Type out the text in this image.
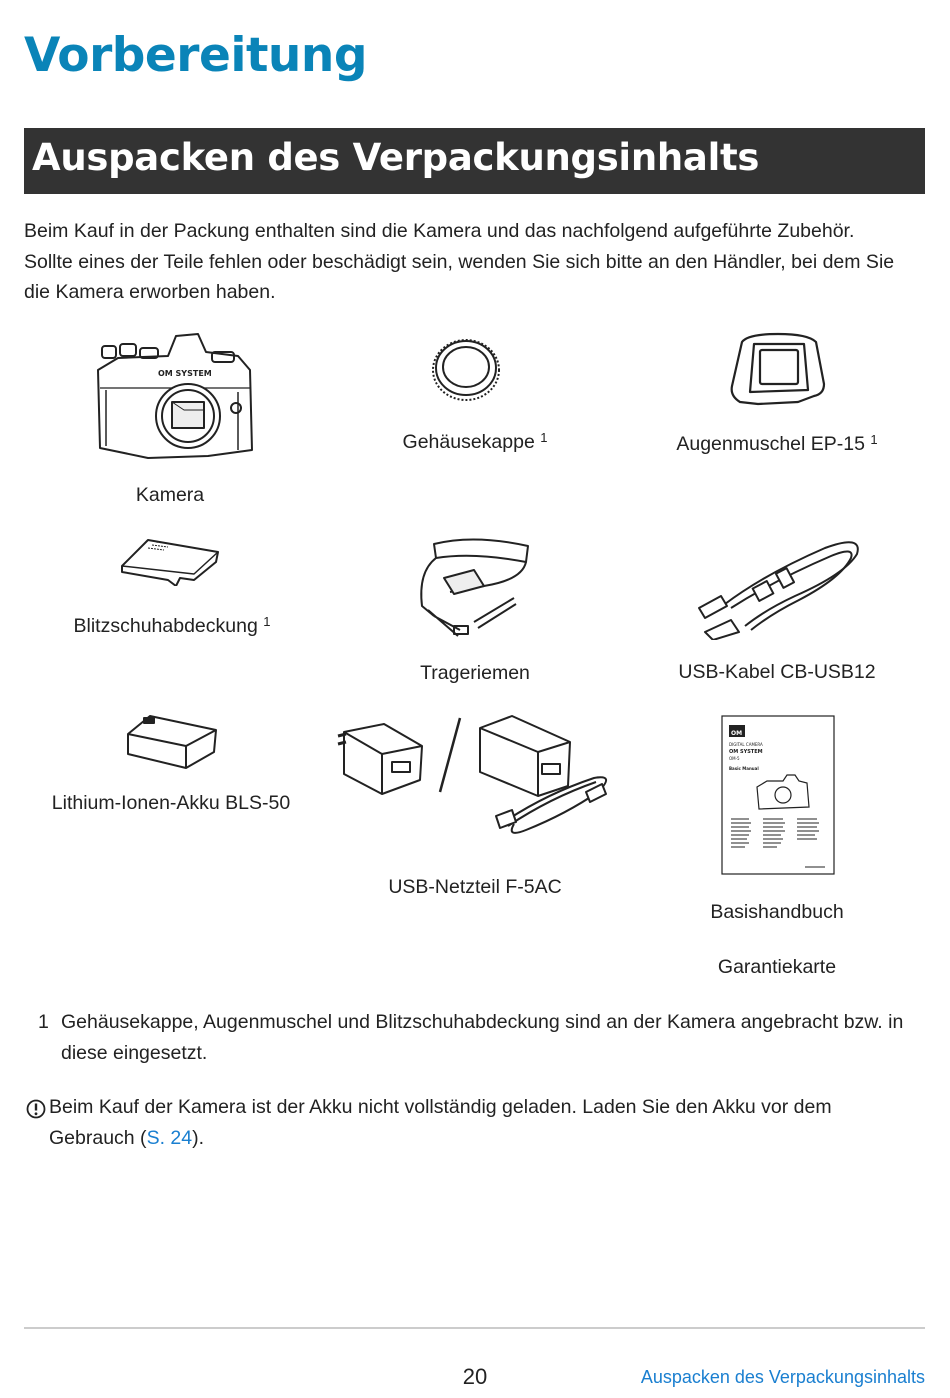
Vorbereitung
Auspacken des Verpackungsinhalts

Beim Kauf in der Packung enthalten sind die Kamera und das nachfolgend aufgeführte Zubehör.

Sollte eines der Teile fehlen oder beschädigt sein, wenden Sie sich bitte an den Händler, bei dem Sie

die Kamera erworben haben.

OM SYSTEM
Kamera
Gehäusekappe $^1$	Augenmuschel EP-15 $^1$
Blitzschuhabdeckung $^1$
Trageriemen	USB-Kabel CB-USB12
Lithium-Ionen-Akku BLS-50
USB-Netzteil F-5AC
OM
DIGITAL CAMERA
OM SYSTEM
OM-5
Basic Manual
Basishandbuch
Garantiekarte
1 Gehäusekappe, Augenmuschel und Blitzschuhabdeckung sind an der Kamera angebracht bzw. in
diese eingesetzt.
Beim Kauf der Kamera ist der Akku nicht vollständig geladen. Laden Sie den Akku vor dem
Gebrauch (S. 24).
20	Auspacken des Verpackungsinhalts
